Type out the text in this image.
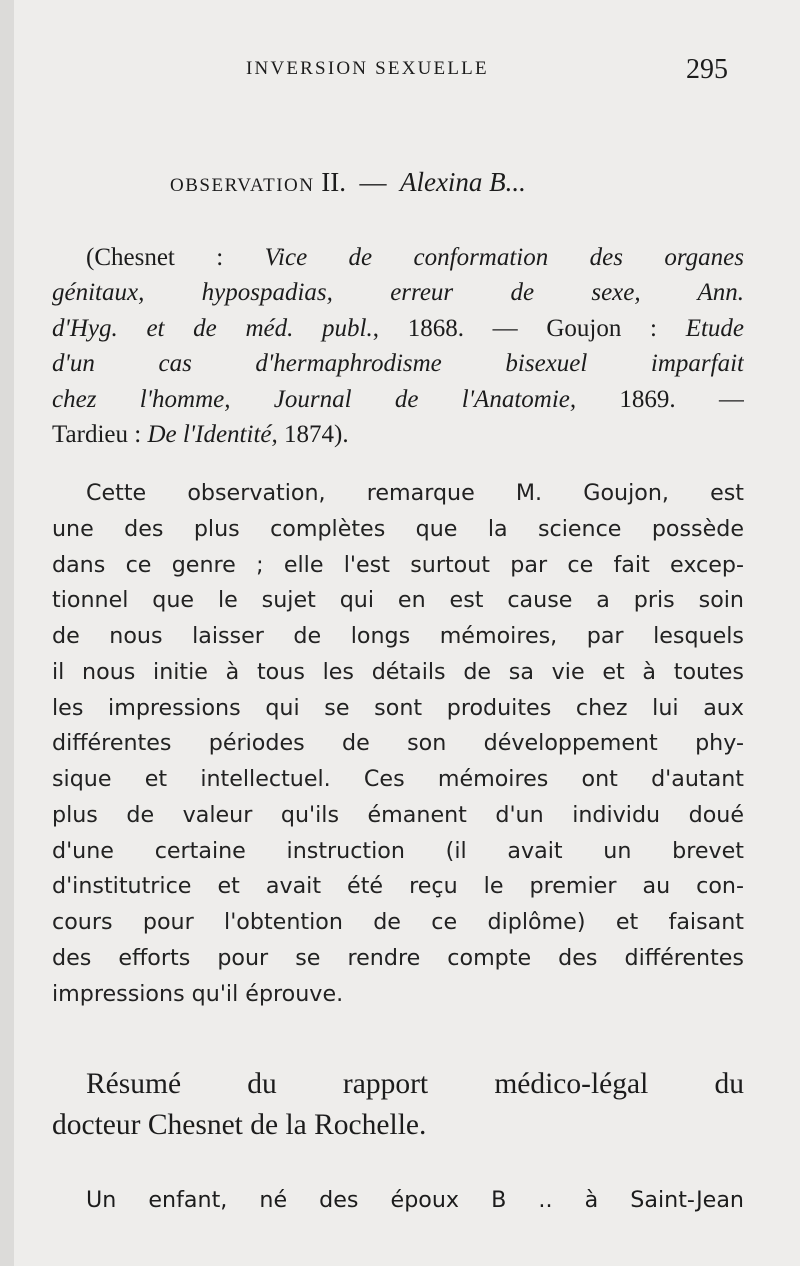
INVERSION SEXUELLE	295
OBSERVATION II. — Alexina B...
(Chesnet : Vice de conformation des organes
génitaux, hypospadias, erreur de sexe, Ann.
d'Hyg. et de méd. publ., 1868. — Goujon : Etude
d'un cas d'hermaphrodisme bisexuel imparfait
chez l'homme, Journal de l'Anatomie, 1869. —
Tardieu : De l'Identité, 1874).
Cette observation, remarque M. Goujon, est
une des plus complètes que la science possède
dans ce genre ; elle l'est surtout par ce fait excep-
tionnel que le sujet qui en est cause a pris soin
de nous laisser de longs mémoires, par lesquels
il nous initie à tous les détails de sa vie et à toutes
les impressions qui se sont produites chez lui aux
différentes périodes de son développement phy-
sique et intellectuel. Ces mémoires ont d'autant
plus de valeur qu'ils émanent d'un individu doué
d'une certaine instruction (il avait un brevet
d'institutrice et avait été reçu le premier au con-
cours pour l'obtention de ce diplôme) et faisant
des efforts pour se rendre compte des différentes
impressions qu'il éprouve.
Résumé du rapport médico-légal du
docteur Chesnet de la Rochelle.
Un enfant, né des époux B .. à Saint-Jean
